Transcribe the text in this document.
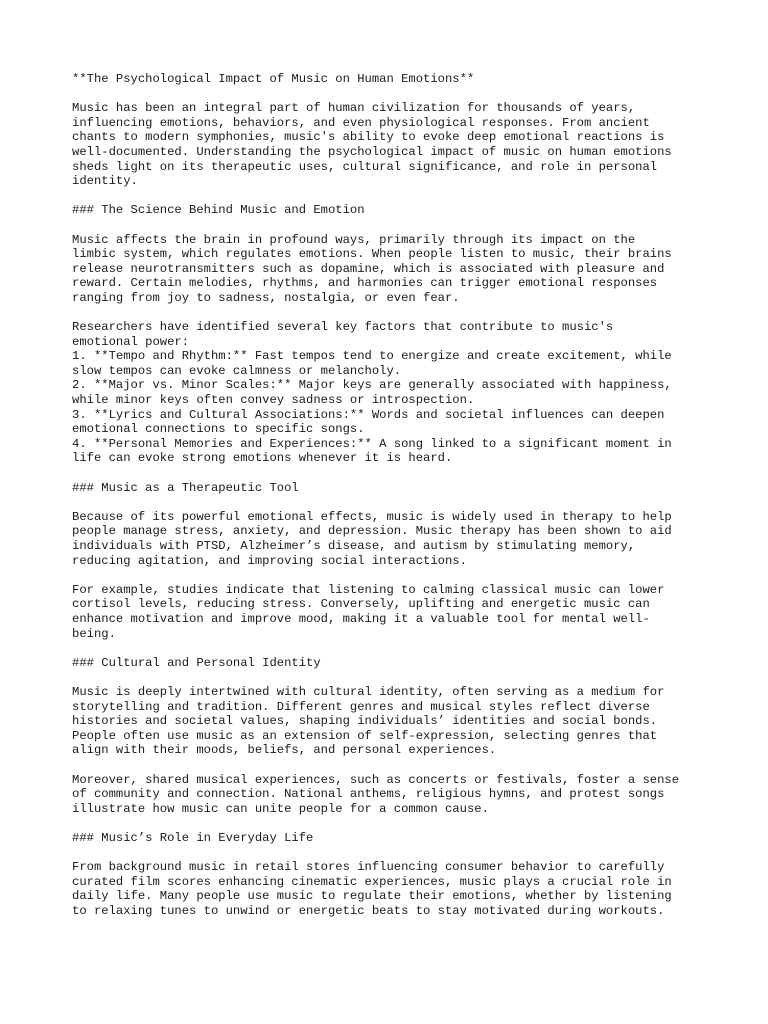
**The Psychological Impact of Music on Human Emotions**
Music has been an integral part of human civilization for thousands of years,
influencing emotions, behaviors, and even physiological responses. From ancient
chants to modern symphonies, music's ability to evoke deep emotional reactions is
well-documented. Understanding the psychological impact of music on human emotions
sheds light on its therapeutic uses, cultural significance, and role in personal
identity.
### The Science Behind Music and Emotion
Music affects the brain in profound ways, primarily through its impact on the
limbic system, which regulates emotions. When people listen to music, their brains
release neurotransmitters such as dopamine, which is associated with pleasure and
reward. Certain melodies, rhythms, and harmonies can trigger emotional responses
ranging from joy to sadness, nostalgia, or even fear.
Researchers have identified several key factors that contribute to music's
emotional power:
1. **Tempo and Rhythm:** Fast tempos tend to energize and create excitement, while
slow tempos can evoke calmness or melancholy.
2. **Major vs. Minor Scales:** Major keys are generally associated with happiness,
while minor keys often convey sadness or introspection.
3. **Lyrics and Cultural Associations:** Words and societal influences can deepen
emotional connections to specific songs.
4. **Personal Memories and Experiences:** A song linked to a significant moment in
life can evoke strong emotions whenever it is heard.
### Music as a Therapeutic Tool
Because of its powerful emotional effects, music is widely used in therapy to help
people manage stress, anxiety, and depression. Music therapy has been shown to aid
individuals with PTSD, Alzheimer’s disease, and autism by stimulating memory,
reducing agitation, and improving social interactions.
For example, studies indicate that listening to calming classical music can lower
cortisol levels, reducing stress. Conversely, uplifting and energetic music can
enhance motivation and improve mood, making it a valuable tool for mental well-
being.
### Cultural and Personal Identity
Music is deeply intertwined with cultural identity, often serving as a medium for
storytelling and tradition. Different genres and musical styles reflect diverse
histories and societal values, shaping individuals’ identities and social bonds.
People often use music as an extension of self-expression, selecting genres that
align with their moods, beliefs, and personal experiences.
Moreover, shared musical experiences, such as concerts or festivals, foster a sense
of community and connection. National anthems, religious hymns, and protest songs
illustrate how music can unite people for a common cause.
### Music’s Role in Everyday Life
From background music in retail stores influencing consumer behavior to carefully
curated film scores enhancing cinematic experiences, music plays a crucial role in
daily life. Many people use music to regulate their emotions, whether by listening
to relaxing tunes to unwind or energetic beats to stay motivated during workouts.
